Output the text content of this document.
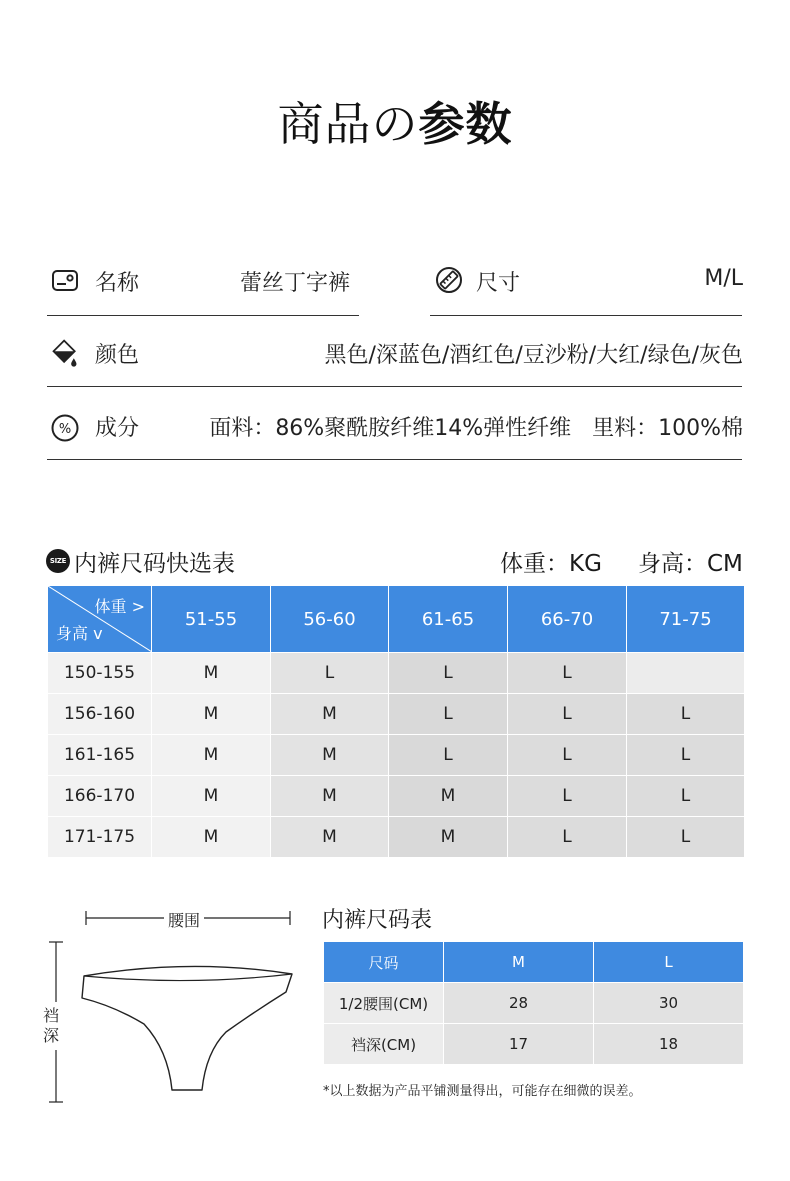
商品の参数
名称	蕾丝丁字裤	尺寸	M/L
颜色	黑色/深蓝色/酒红色/豆沙粉/大红/绿色/灰色
% 成分	面料：86%聚酰胺纤维14%弹性纤维   里料：100%棉
SIZE 内裤尺码快选表	体重：KG 身高：CM
体重 >
身高 v	51-55	56-60	61-65	66-70	71-75
150-155	M	L	L	L	
156-160	M	M	L	L	L
161-165	M	M	L	L	L
166-170	M	M	M	L	L
171-175	M	M	M	L	L
腰围
裆深
内裤尺码表
尺码	M	L
1/2腰围(CM)	28	30
裆深(CM)	17	18
*以上数据为产品平铺测量得出，可能存在细微的误差。
